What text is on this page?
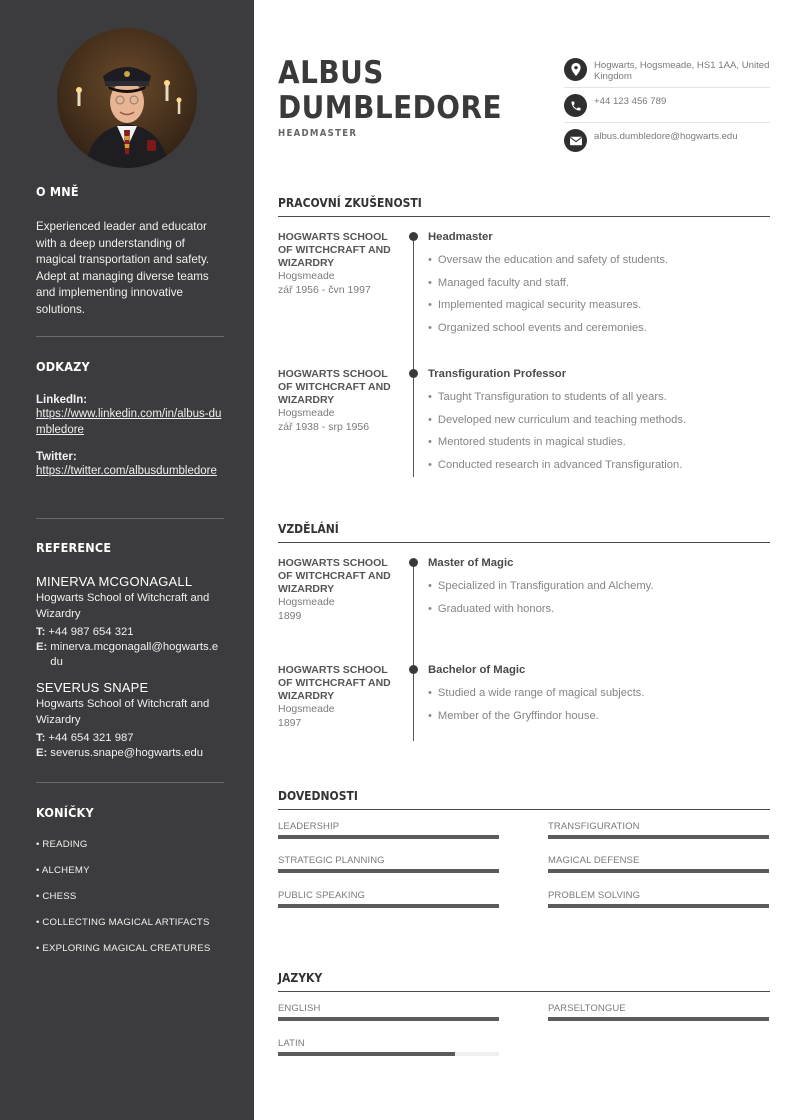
O MNĚ
Experienced leader and educator with a deep understanding of magical transportation and safety. Adept at managing diverse teams and implementing innovative solutions.
ODKAZY
LinkedIn:
https://www.linkedin.com/in/albus-dumbledore
Twitter:
https://twitter.com/albusdumbledore
REFERENCE
MINERVA MCGONAGALL
Hogwarts School of Witchcraft and Wizardry
T: +44 987 654 321
E: minerva.mcgonagall@hogwarts.edu
SEVERUS SNAPE
Hogwarts School of Witchcraft and Wizardry
T: +44 654 321 987
E: severus.snape@hogwarts.edu
KONÍČKY
• READING
• ALCHEMY
• CHESS
• COLLECTING MAGICAL ARTIFACTS
• EXPLORING MAGICAL CREATURES
ALBUS
DUMBLEDORE
HEADMASTER
Hogwarts, Hogsmeade, HS1 1AA, United Kingdom
+44 123 456 789
albus.dumbledore@hogwarts.edu
PRACOVNÍ ZKUŠENOSTI
HOGWARTS SCHOOL OF WITCHCRAFT AND WIZARDRY
Hogsmeade
zář 1956 - čvn 1997
Headmaster
• Oversaw the education and safety of students.
• Managed faculty and staff.
• Implemented magical security measures.
• Organized school events and ceremonies.
HOGWARTS SCHOOL OF WITCHCRAFT AND WIZARDRY
Hogsmeade
zář 1938 - srp 1956
Transfiguration Professor
• Taught Transfiguration to students of all years.
• Developed new curriculum and teaching methods.
• Mentored students in magical studies.
• Conducted research in advanced Transfiguration.
VZDĚLÁNÍ
HOGWARTS SCHOOL OF WITCHCRAFT AND WIZARDRY
Hogsmeade
1899
Master of Magic
• Specialized in Transfiguration and Alchemy.
• Graduated with honors.
HOGWARTS SCHOOL OF WITCHCRAFT AND WIZARDRY
Hogsmeade
1897
Bachelor of Magic
• Studied a wide range of magical subjects.
• Member of the Gryffindor house.
DOVEDNOSTI
LEADERSHIP	TRANSFIGURATION
STRATEGIC PLANNING	MAGICAL DEFENSE
PUBLIC SPEAKING	PROBLEM SOLVING
JAZYKY
ENGLISH	PARSELTONGUE
LATIN
